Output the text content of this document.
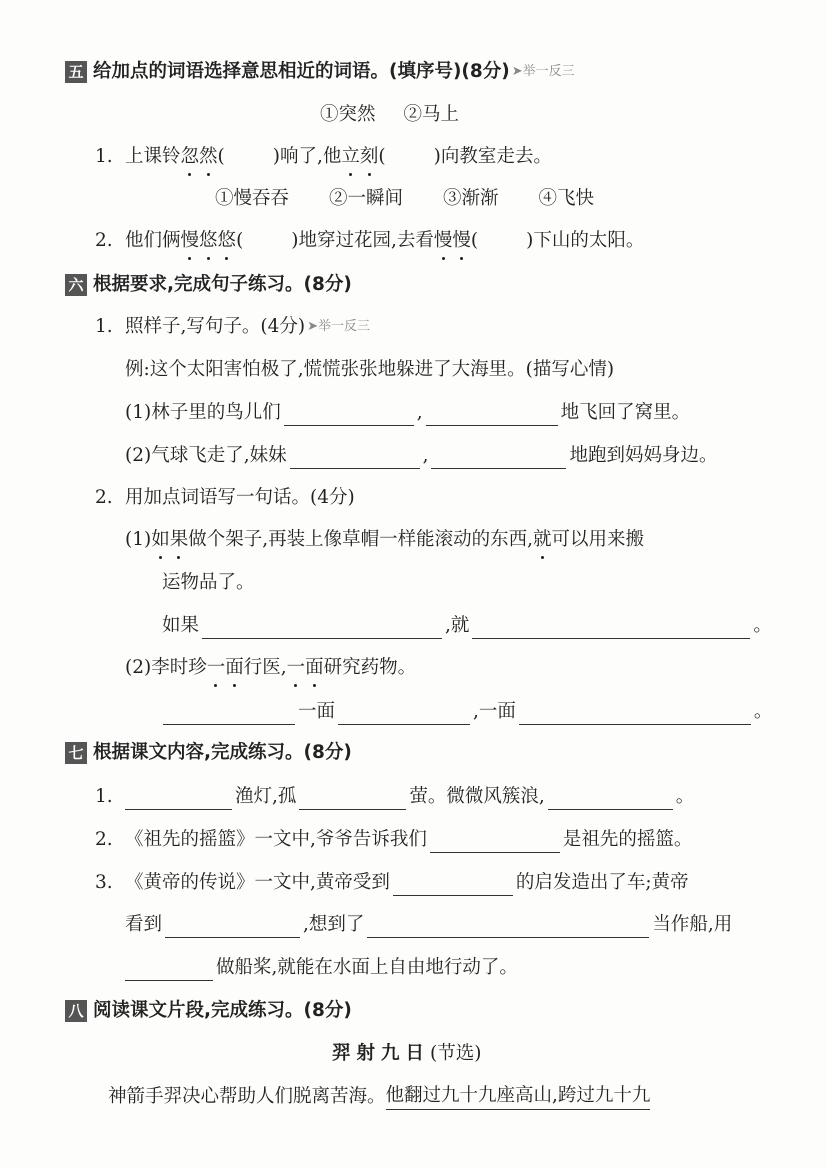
五 给加点的词语选择意思相近的词语。(填序号)(8分) ➤举一反三
①突然 ②马上
1. 上课铃 忽 然 (	)响了,他 立 刻 (	)向教室走去。
①慢吞吞 ②一瞬间 ③渐渐 ④飞快
2. 他们俩 慢 悠 悠 (	)地穿过花园,去看 慢 慢 (	)下山的太阳。
六 根据要求,完成句子练习。(8分)
1. 照样子,写句子。(4分) ➤举一反三
例:这个太阳害怕极了,慌慌张张地躲进了大海里。(描写心情)
(1)林子里的鸟儿们	,	地飞回了窝里。
(2)气球飞走了,妹妹	,	地跑到妈妈身边。
2. 用加点词语写一句话。(4分)
(1) 如 果 做个架子,再装上像草帽一样能滚动的东西, 就 可以用来搬
运物品了。
如果	,就	。
(2)李时珍 一 面 行医, 一 面 研究药物。
一面	,一面	。
七 根据课文内容,完成练习。(8分)
1.	渔灯,孤	萤。微微风簇浪,	。
2. 《祖先的摇篮》一文中,爷爷告诉我们	是祖先的摇篮。
3. 《黄帝的传说》一文中,黄帝受到	的启发造出了车;黄帝
看到	,想到了	当作船,用
做船桨,就能在水面上自由地行动了。
八 阅读课文片段,完成练习。(8分)
羿射九日 (节选)
神箭手羿决心帮助人们脱离苦海。 他翻过九十九座高山,跨过九十九
